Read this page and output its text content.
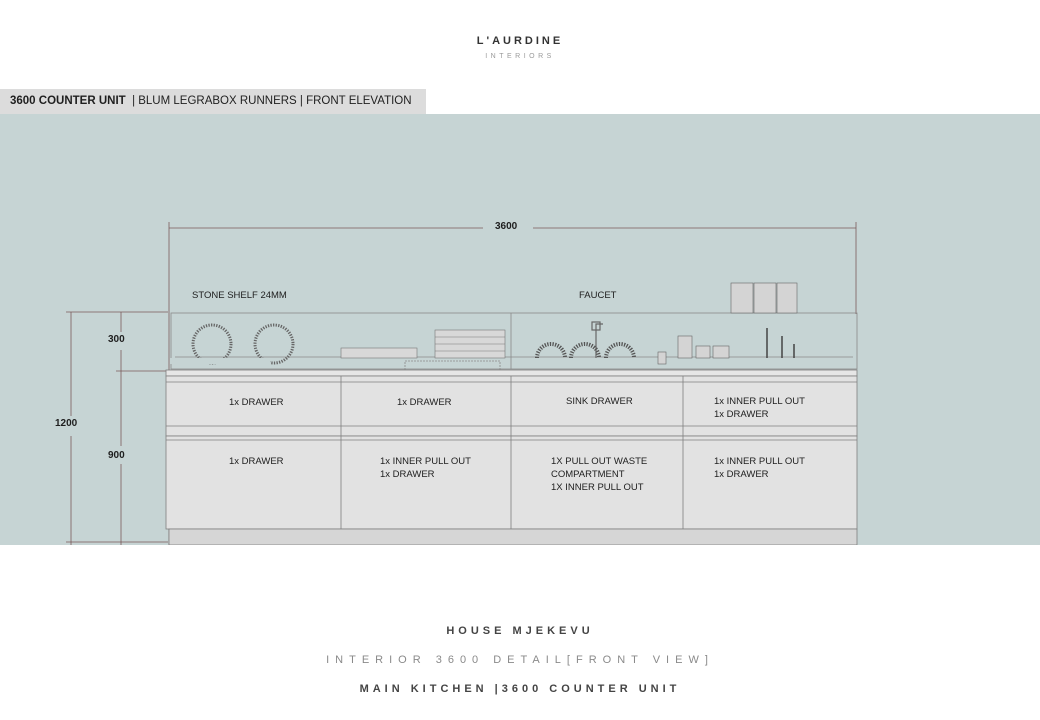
L'AURDINE
INTERIORS
3600 COUNTER UNIT | BLUM LEGRABOX RUNNERS | FRONT ELEVATION
3600
1200
300
900
STONE SHELF 24MM	FAUCET
1x DRAWER	1x DRAWER	SINK DRAWER	1x INNER PULL OUT
1x DRAWER
1x DRAWER	1x INNER PULL OUT
1x DRAWER
1X PULL OUT WASTE
COMPARTMENT
1X INNER PULL OUT
1x INNER PULL OUT
1x DRAWER
HOUSE MJEKEVU
INTERIOR 3600 DETAIL[FRONT VIEW]
MAIN KITCHEN |3600 COUNTER UNIT
